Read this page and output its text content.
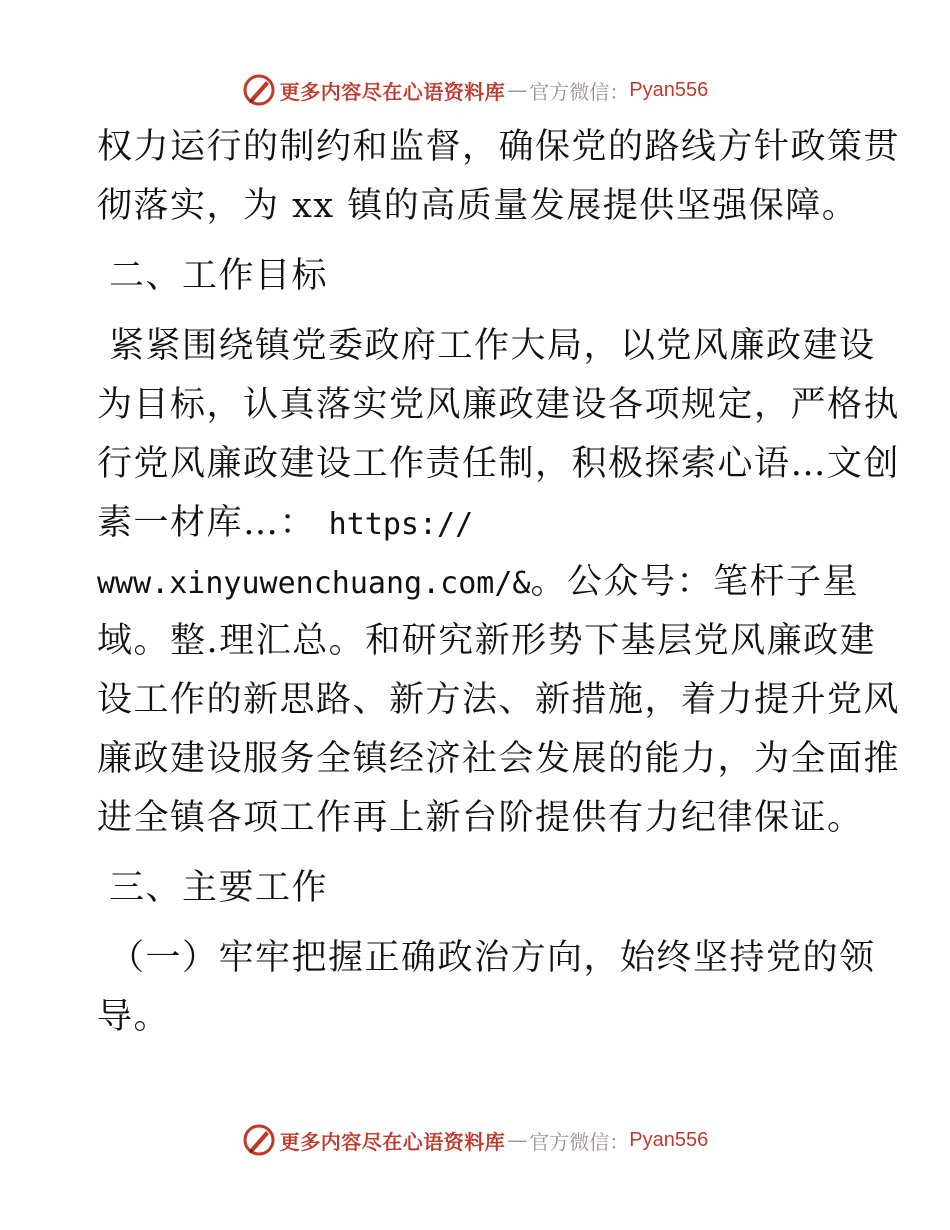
更多内容尽在心语资料库 — 官方微信： Pyan556
权力运行的制约和监督，确保党的路线方针政策贯
彻落实，为 xx 镇的高质量发展提供坚强保障。
二、工作目标
紧紧围绕镇党委政府工作大局，以党风廉政建设
为目标，认真落实党风廉政建设各项规定，严格执
行党风廉政建设工作责任制，积极探索心语…文创
素一材库…： https://
www.xinyuwenchuang.com/&。公众号：笔杆子星
域。整.理汇总。和研究新形势下基层党风廉政建
设工作的新思路、新方法、新措施，着力提升党风
廉政建设服务全镇经济社会发展的能力，为全面推
进全镇各项工作再上新台阶提供有力纪律保证。
三、主要工作
（一）牢牢把握正确政治方向，始终坚持党的领
导。
更多内容尽在心语资料库 — 官方微信： Pyan556
